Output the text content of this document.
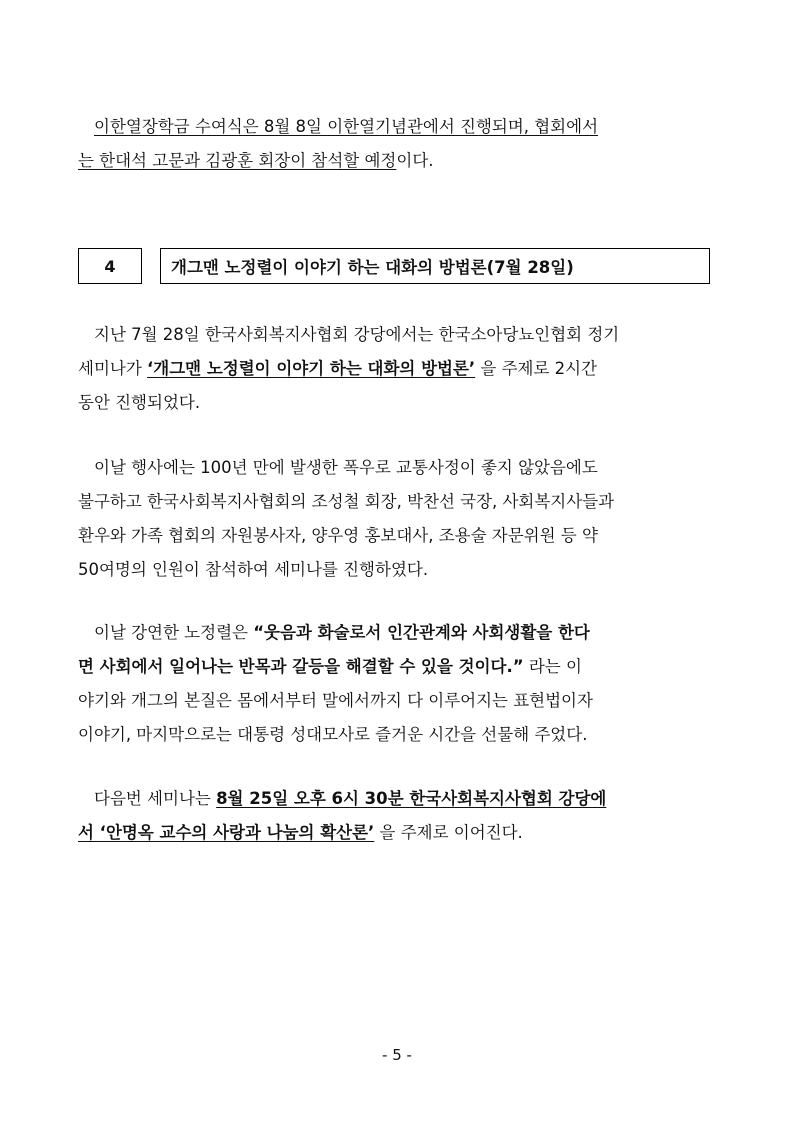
이한열장학금 수여식은 8월 8일 이한열기념관에서 진행되며, 협회에서
는 한대석 고문과 김광훈 회장이 참석할 예정이다.
4	개그맨 노정렬이 이야기 하는 대화의 방법론(7월 28일)
지난 7월 28일 한국사회복지사협회 강당에서는 한국소아당뇨인협회 정기
세미나가 ‘개그맨 노정렬이 이야기 하는 대화의 방법론’ 을 주제로 2시간
동안 진행되었다.
이날 행사에는 100년 만에 발생한 폭우로 교통사정이 좋지 않았음에도
불구하고 한국사회복지사협회의 조성철 회장, 박찬선 국장, 사회복지사들과
환우와 가족 협회의 자원봉사자, 양우영 홍보대사, 조용술 자문위원 등 약
50여명의 인원이 참석하여 세미나를 진행하였다.
이날 강연한 노정렬은 “웃음과 화술로서 인간관계와 사회생활을 한다
면 사회에서 일어나는 반목과 갈등을 해결할 수 있을 것이다.” 라는 이
야기와 개그의 본질은 몸에서부터 말에서까지 다 이루어지는 표현법이자
이야기, 마지막으로는 대통령 성대모사로 즐거운 시간을 선물해 주었다.
다음번 세미나는 8월 25일 오후 6시 30분 한국사회복지사협회 강당에
서 ‘안명옥 교수의 사랑과 나눔의 확산론’ 을 주제로 이어진다.
- 5 -
